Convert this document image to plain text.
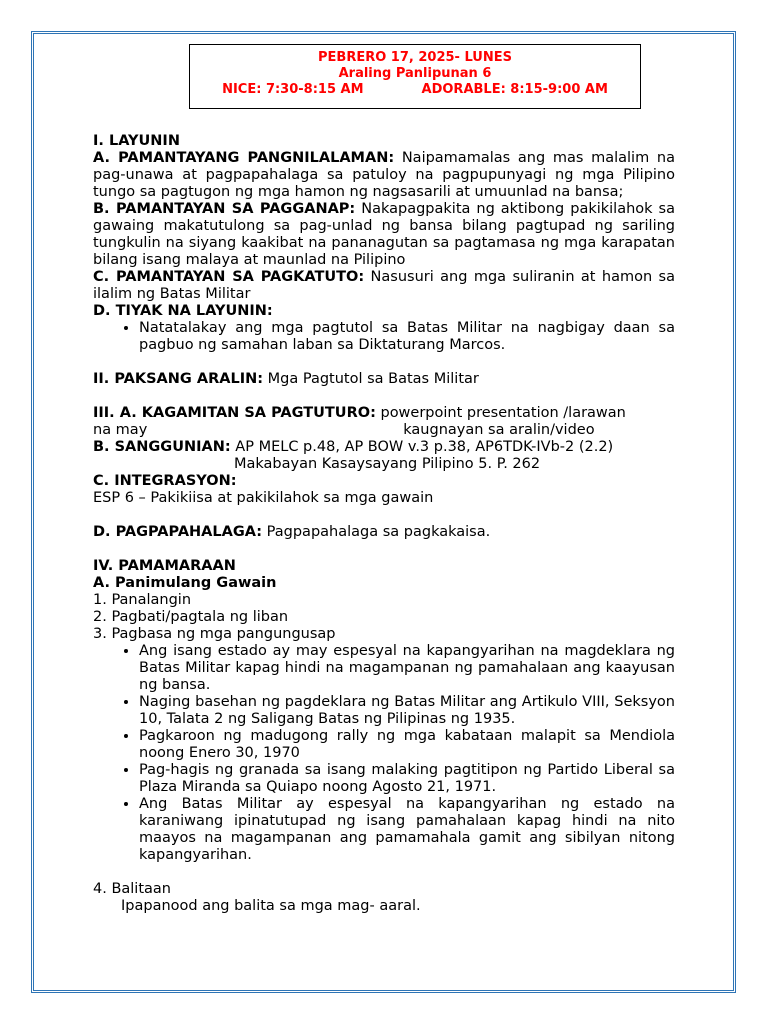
PEBRERO 17, 2025- LUNES
Araling Panlipunan 6
NICE: 7:30-8:15 AM	ADORABLE: 8:15-9:00 AM

I. LAYUNIN

A. PAMANTAYANG PANGNILALAMAN: Naipamamalas ang mas malalim na pag-unawa at pagpapahalaga sa patuloy na pagpupunyagi ng mga Pilipino tungo sa pagtugon ng mga hamon ng nagsasarili at umuunlad na bansa;

B. PAMANTAYAN SA PAGGANAP: Nakapagpakita ng aktibong pakikilahok sa gawaing makatutulong sa pag-unlad ng bansa bilang pagtupad ng sariling tungkulin na siyang kaakibat na pananagutan sa pagtamasa ng mga karapatan bilang isang malaya at maunlad na Pilipino

C. PAMANTAYAN SA PAGKATUTO: Nasusuri ang mga suliranin at hamon sa ilalim ng Batas Militar

D. TIYAK NA LAYUNIN:

• Natatalakay ang mga pagtutol sa Batas Militar na nagbigay daan sa pagbuo ng samahan laban sa Diktaturang Marcos.

II. PAKSANG ARALIN: Mga Pagtutol sa Batas Militar

III. A. KAGAMITAN SA PAGTUTURO: powerpoint presentation /larawan

na may	kaugnayan sa aralin/video

B. SANGGUNIAN: AP MELC p.48, AP BOW v.3 p.38, AP6TDK-IVb-2 (2.2)

Makabayan Kasaysayang Pilipino 5. P. 262

C. INTEGRASYON:

ESP 6 – Pakikiisa at pakikilahok sa mga gawain

D. PAGPAPAHALAGA: Pagpapahalaga sa pagkakaisa.

IV. PAMAMARAAN

A. Panimulang Gawain

1. Panalangin

2. Pagbati/pagtala ng liban

3. Pagbasa ng mga pangungusap

• Ang isang estado ay may espesyal na kapangyarihan na magdeklara ng Batas Militar kapag hindi na magampanan ng pamahalaan ang kaayusan ng bansa.
• Naging basehan ng pagdeklara ng Batas Militar ang Artikulo VIII, Seksyon 10, Talata 2 ng Saligang Batas ng Pilipinas ng 1935.
• Pagkaroon ng madugong rally ng mga kabataan malapit sa Mendiola noong Enero 30, 1970
• Pag-hagis ng granada sa isang malaking pagtitipon ng Partido Liberal sa Plaza Miranda sa Quiapo noong Agosto 21, 1971.
• Ang Batas Militar ay espesyal na kapangyarihan ng estado na karaniwang ipinatutupad ng isang pamahalaan kapag hindi na nito maayos na magampanan ang pamamahala gamit ang sibilyan nitong kapangyarihan.

4. Balitaan

Ipapanood ang balita sa mga mag- aaral.
